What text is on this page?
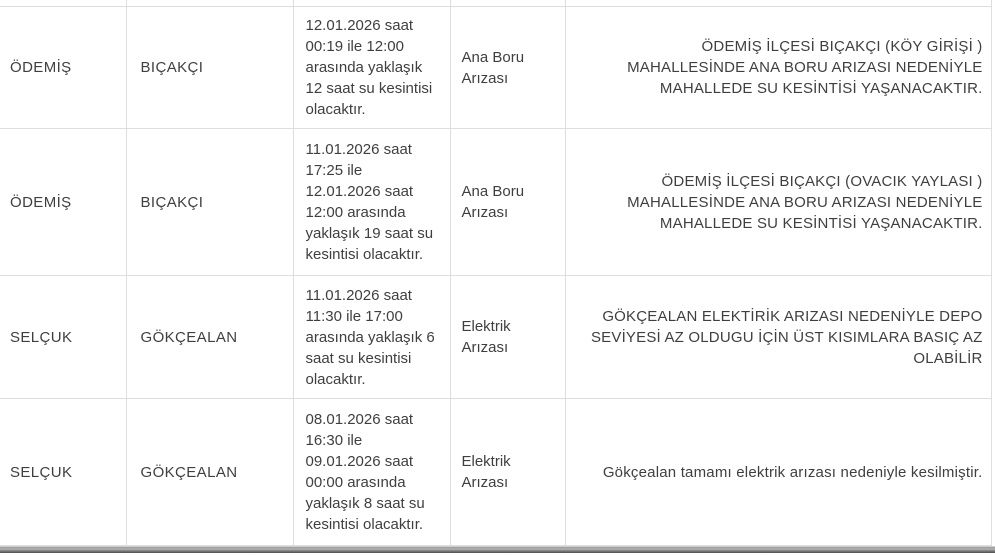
ÖDEMİŞ	BIÇAKÇI	12.01.2026 saat 00:19 ile 12:00 arasında yaklaşık 12 saat su kesintisi olacaktır.	Ana Boru Arızası	ÖDEMİŞ İLÇESİ BIÇAKÇI (KÖY GİRİŞİ ) MAHALLESİNDE ANA BORU ARIZASI NEDENİYLE MAHALLEDE SU KESİNTİSİ YAŞANACAKTIR.
ÖDEMİŞ	BIÇAKÇI	11.01.2026 saat 17:25 ile 12.01.2026 saat 12:00 arasında yaklaşık 19 saat su kesintisi olacaktır.	Ana Boru Arızası	ÖDEMİŞ İLÇESİ BIÇAKÇI (OVACIK YAYLASI ) MAHALLESİNDE ANA BORU ARIZASI NEDENİYLE MAHALLEDE SU KESİNTİSİ YAŞANACAKTIR.
SELÇUK	GÖKÇEALAN	11.01.2026 saat 11:30 ile 17:00 arasında yaklaşık 6 saat su kesintisi olacaktır.	Elektrik Arızası	GÖKÇEALAN ELEKTİRİK ARIZASI NEDENİYLE DEPO SEVİYESİ AZ OLDUGU İÇİN ÜST KISIMLARA BASIÇ AZ OLABİLİR
SELÇUK	GÖKÇEALAN	08.01.2026 saat 16:30 ile 09.01.2026 saat 00:00 arasında yaklaşık 8 saat su kesintisi olacaktır.	Elektrik Arızası	Gökçealan tamamı elektrik arızası nedeniyle kesilmiştir.
